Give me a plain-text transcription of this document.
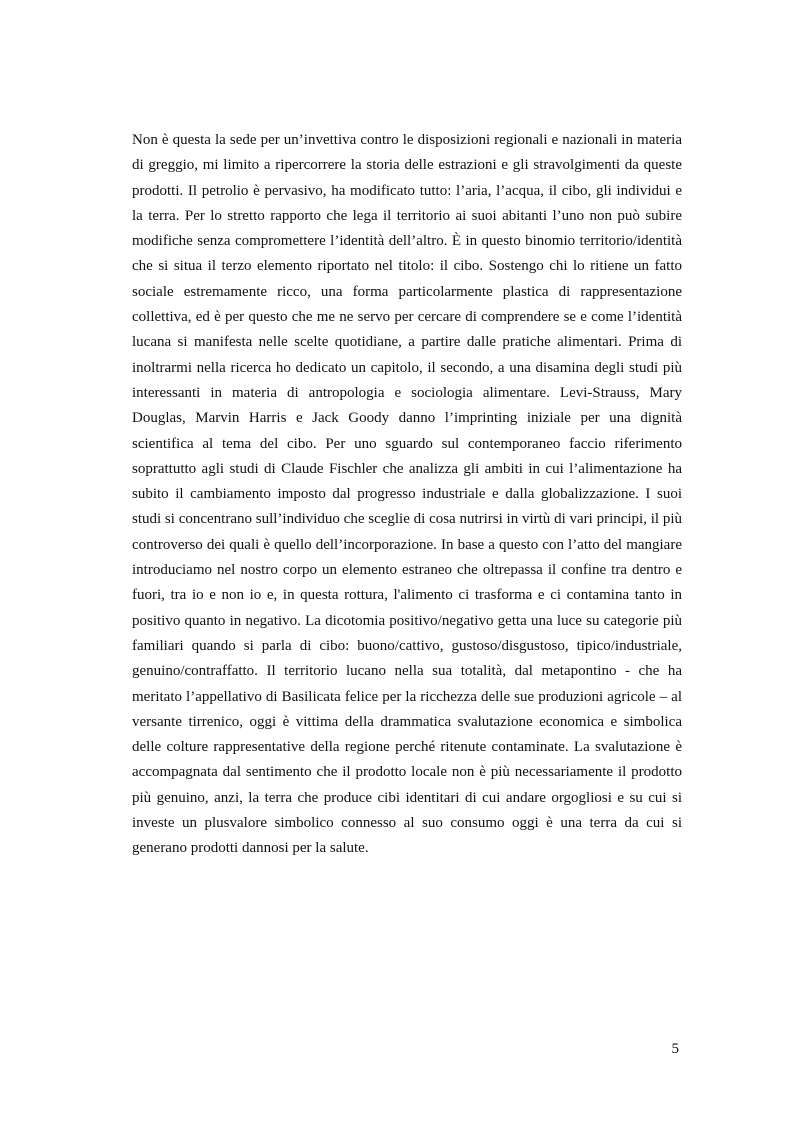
Non è questa la sede per un’invettiva contro le disposizioni regionali e nazionali in materia di greggio, mi limito a ripercorrere la storia delle estrazioni e gli stravolgimenti da queste prodotti. Il petrolio è pervasivo, ha modificato tutto: l’aria, l’acqua, il cibo, gli individui e la terra. Per lo stretto rapporto che lega il territorio ai suoi abitanti l’uno non può subire modifiche senza compromettere l’identità dell’altro. È in questo binomio territorio/identità che si situa il terzo elemento riportato nel titolo: il cibo. Sostengo chi lo ritiene un fatto sociale estremamente ricco, una forma particolarmente plastica di rappresentazione collettiva, ed è per questo che me ne servo per cercare di comprendere se e come l’identità lucana si manifesta nelle scelte quotidiane, a partire dalle pratiche alimentari. Prima di inoltrarmi nella ricerca ho dedicato un capitolo, il secondo, a una disamina degli studi più interessanti in materia di antropologia e sociologia alimentare. Levi-Strauss, Mary Douglas, Marvin Harris e Jack Goody danno l’imprinting iniziale per una dignità scientifica al tema del cibo. Per uno sguardo sul contemporaneo faccio riferimento soprattutto agli studi di Claude Fischler che analizza gli ambiti in cui l’alimentazione ha subito il cambiamento imposto dal progresso industriale e dalla globalizzazione. I suoi studi si concentrano sull’individuo che sceglie di cosa nutrirsi in virtù di vari principi, il più controverso dei quali è quello dell’incorporazione. In base a questo con l’atto del mangiare introduciamo nel nostro corpo un elemento estraneo che oltrepassa il confine tra dentro e fuori, tra io e non io e, in questa rottura, l'alimento ci trasforma e ci contamina tanto in positivo quanto in negativo. La dicotomia positivo/negativo getta una luce su categorie più familiari quando si parla di cibo: buono/cattivo, gustoso/disgustoso, tipico/industriale, genuino/contraffatto. Il territorio lucano nella sua totalità, dal metapontino - che ha meritato l’appellativo di Basilicata felice per la ricchezza delle sue produzioni agricole – al versante tirrenico, oggi è vittima della drammatica svalutazione economica e simbolica delle colture rappresentative della regione perché ritenute contaminate. La svalutazione è accompagnata dal sentimento che il prodotto locale non è più necessariamente il prodotto più genuino, anzi, la terra che produce cibi identitari di cui andare orgogliosi e su cui si investe un plusvalore simbolico connesso al suo consumo oggi è una terra da cui si generano prodotti dannosi per la salute.

5
